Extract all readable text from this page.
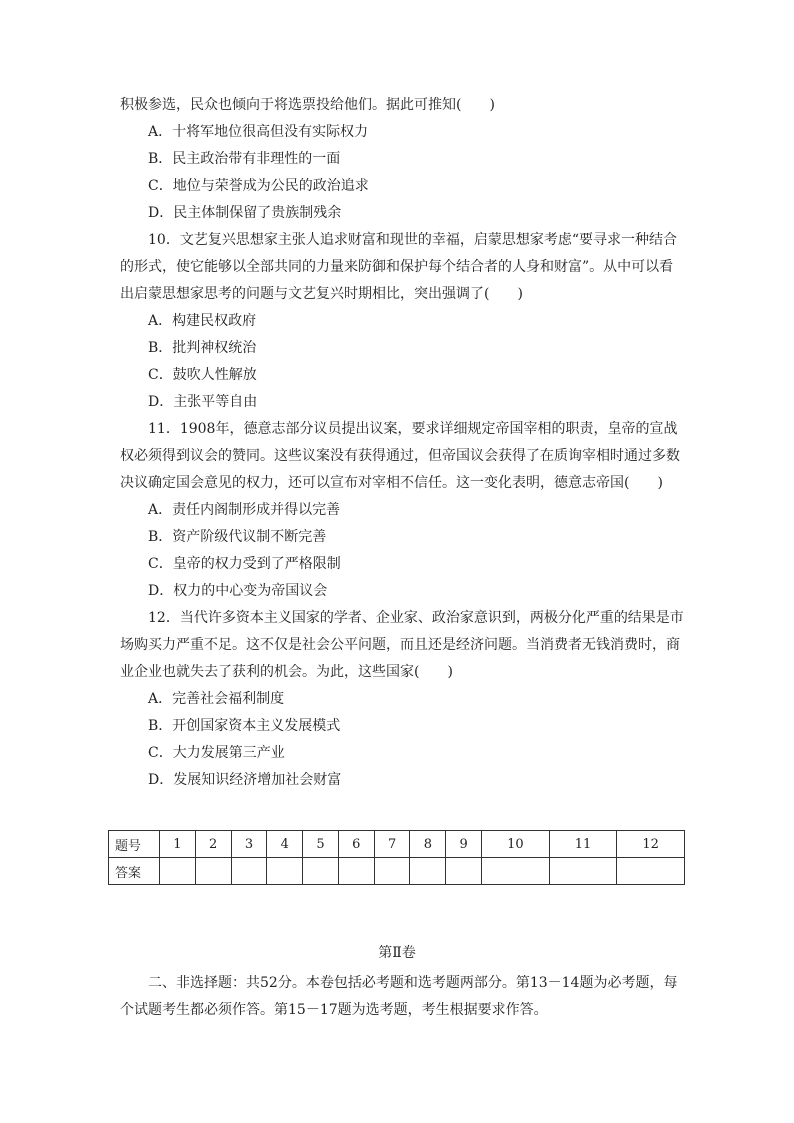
积极参选，民众也倾向于将选票投给他们。据此可推知(　　)

A．十将军地位很高但没有实际权力

B．民主政治带有非理性的一面

C．地位与荣誉成为公民的政治追求

D．民主体制保留了贵族制残余

10．文艺复兴思想家主张人追求财富和现世的幸福，启蒙思想家考虑“要寻求一种结合的形式，使它能够以全部共同的力量来防御和保护每个结合者的人身和财富”。从中可以看出启蒙思想家思考的问题与文艺复兴时期相比，突出强调了(　　)

A．构建民权政府

B．批判神权统治

C．鼓吹人性解放

D．主张平等自由

11．1908年，德意志部分议员提出议案，要求详细规定帝国宰相的职责，皇帝的宣战权必须得到议会的赞同。这些议案没有获得通过，但帝国议会获得了在质询宰相时通过多数决议确定国会意见的权力，还可以宣布对宰相不信任。这一变化表明，德意志帝国(　　)

A．责任内阁制形成并得以完善

B．资产阶级代议制不断完善

C．皇帝的权力受到了严格限制

D．权力的中心变为帝国议会

12．当代许多资本主义国家的学者、企业家、政治家意识到，两极分化严重的结果是市场购买力严重不足。这不仅是社会公平问题，而且还是经济问题。当消费者无钱消费时，商业企业也就失去了获利的机会。为此，这些国家(　　)

A．完善社会福利制度

B．开创国家资本主义发展模式

C．大力发展第三产业

D．发展知识经济增加社会财富

题号	1	2	3	4	5	6	7	8	9	10	11	12
答案												
第Ⅱ卷

二、非选择题：共52分。本卷包括必考题和选考题两部分。第13－14题为必考题，每个试题考生都必须作答。第15－17题为选考题，考生根据要求作答。
